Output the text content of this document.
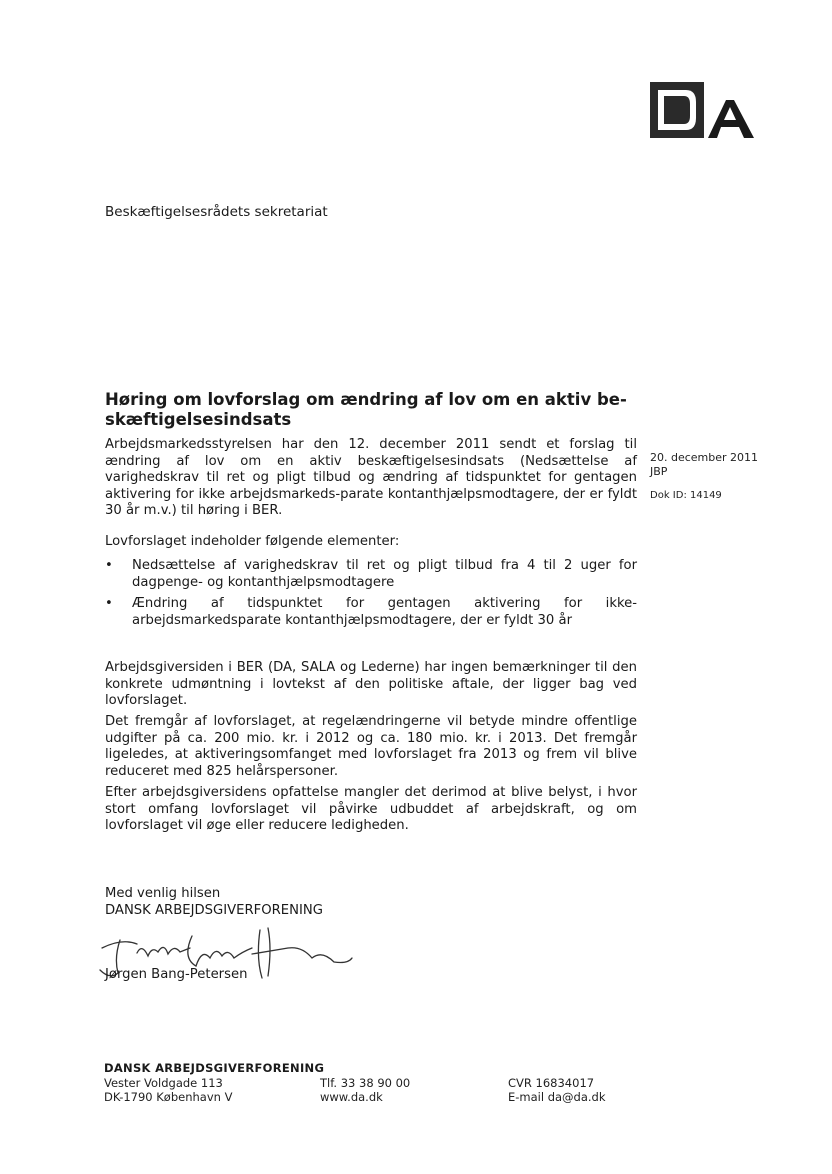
Beskæftigelsesrådets sekretariat
Høring om lovforslag om ændring af lov om en aktiv be-skæftigelsesindsats
20. december 2011
JBP
Dok ID: 14149

Arbejdsmarkedsstyrelsen har den 12. december 2011 sendt et forslag til ændring af lov om en aktiv beskæftigelsesindsats (Nedsættelse af varighedskrav til ret og pligt tilbud og ændring af tidspunktet for gentagen aktivering for ikke arbejdsmarkeds-parate kontanthjælpsmodtagere, der er fyldt 30 år m.v.) til høring i BER.

Lovforslaget indeholder følgende elementer:

• Nedsættelse af varighedskrav til ret og pligt tilbud fra 4 til 2 uger for dagpenge- og kontanthjælpsmodtagere
• Ændring af tidspunktet for gentagen aktivering for ikke-arbejdsmarkedsparate kontanthjælpsmodtagere, der er fyldt 30 år

Arbejdsgiversiden i BER (DA, SALA og Lederne) har ingen bemærkninger til den konkrete udmøntning i lovtekst af den politiske aftale, der ligger bag ved lovforslaget.

Det fremgår af lovforslaget, at regelændringerne vil betyde mindre offentlige udgifter på ca. 200 mio. kr. i 2012 og ca. 180 mio. kr. i 2013. Det fremgår ligeledes, at aktiveringsomfanget med lovforslaget fra 2013 og frem vil blive reduceret med 825 helårspersoner.

Efter arbejdsgiversidens opfattelse mangler det derimod at blive belyst, i hvor stort omfang lovforslaget vil påvirke udbuddet af arbejdskraft, og om lovforslaget vil øge eller reducere ledigheden.

Med venlig hilsen
DANSK ARBEJDSGIVERFORENING
Jørgen Bang-Petersen
DANSK ARBEJDSGIVERFORENING
Vester Voldgade 113
DK-1790 København V
Tlf. 33 38 90 00
www.da.dk
CVR 16834017
E-mail da@da.dk
